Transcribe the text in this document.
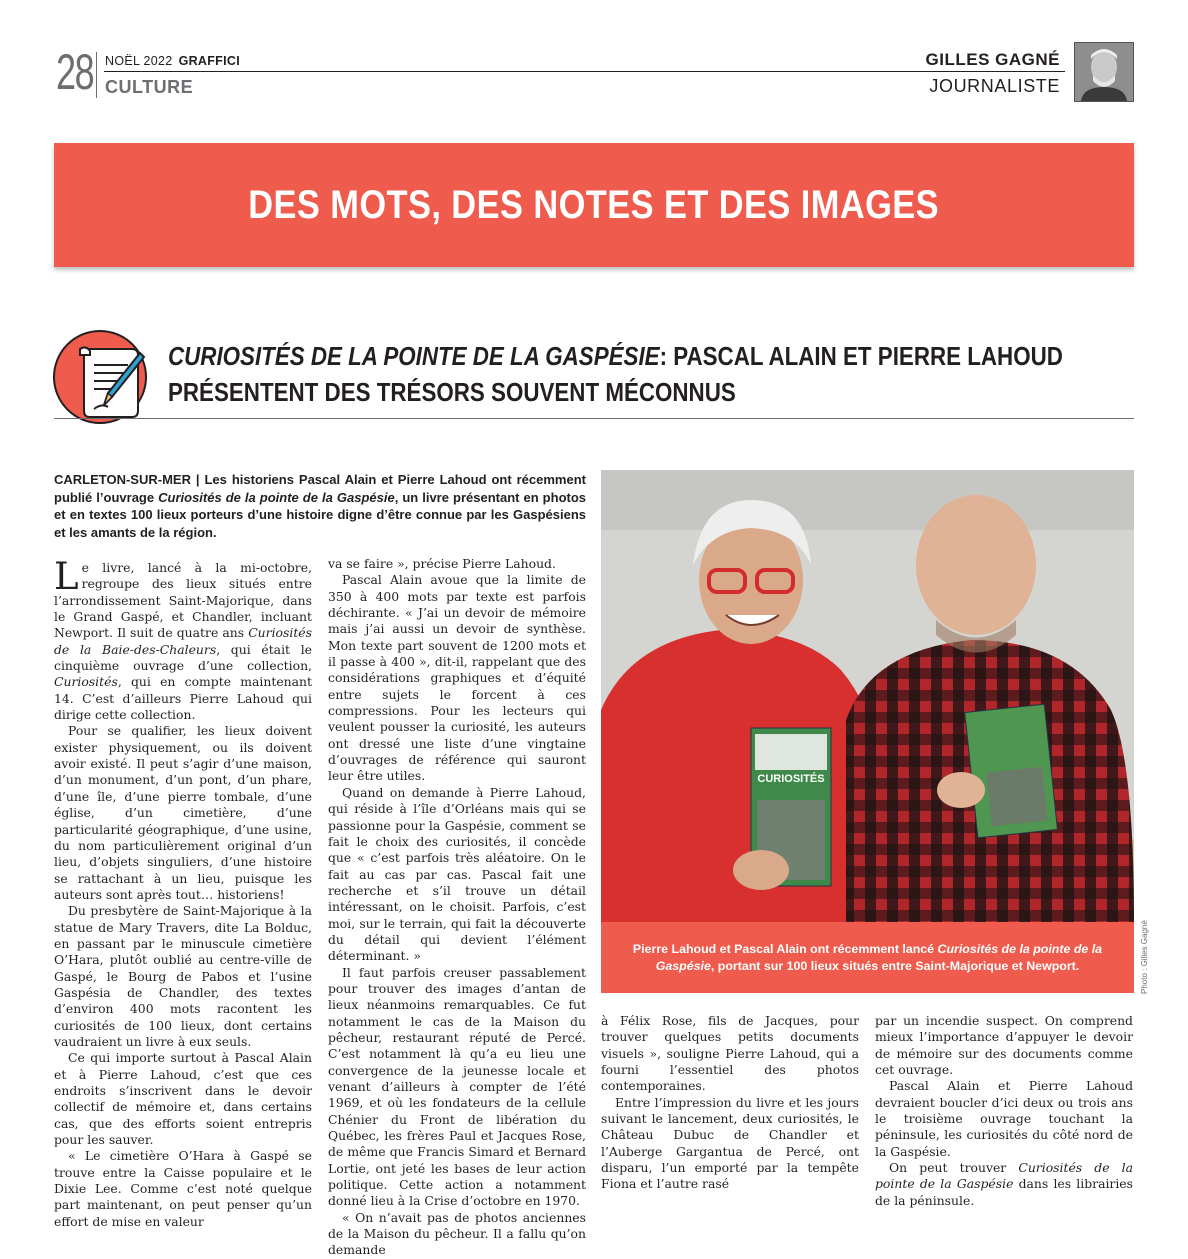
28 NOËL 2022 GRAFFICI
CULTURE
GILLES GAGNÉ
JOURNALISTE
DES MOTS, DES NOTES ET DES IMAGES
CURIOSITÉS DE LA POINTE DE LA GASPÉSIE: PASCAL ALAIN ET PIERRE LAHOUD
PRÉSENTENT DES TRÉSORS SOUVENT MÉCONNUS
CARLETON-SUR-MER | Les historiens Pascal Alain et Pierre Lahoud ont récemment publié l’ouvrage Curiosités de la pointe de la Gaspésie, un livre présentant en photos et en textes 100 lieux porteurs d’une histoire digne d’être connue par les Gaspésiens et les amants de la région.

Le livre, lancé à la mi-octobre, regroupe des lieux situés entre l’arrondissement Saint-Majorique, dans le Grand Gaspé, et Chandler, incluant Newport. Il suit de quatre ans Curiosités de la Baie-des-Chaleurs, qui était le cinquième ouvrage d’une collection, Curiosités, qui en compte maintenant 14. C’est d’ailleurs Pierre Lahoud qui dirige cette collection.

Pour se qualifier, les lieux doivent exister physiquement, ou ils doivent avoir existé. Il peut s’agir d’une maison, d’un monument, d’un pont, d’un phare, d’une île, d’une pierre tombale, d’une église, d’un cimetière, d’une particularité géographique, d’une usine, du nom particulièrement original d’un lieu, d’objets singuliers, d’une histoire se rattachant à un lieu, puisque les auteurs sont après tout… historiens!

Du presbytère de Saint-Majorique à la statue de Mary Travers, dite La Bolduc, en passant par le minuscule cimetière O’Hara, plutôt oublié au centre-ville de Gaspé, le Bourg de Pabos et l’usine Gaspésia de Chandler, des textes d’environ 400 mots racontent les curiosités de 100 lieux, dont certains vaudraient un livre à eux seuls.

Ce qui importe surtout à Pascal Alain et à Pierre Lahoud, c’est que ces endroits s’inscrivent dans le devoir collectif de mémoire et, dans certains cas, que des efforts soient entrepris pour les sauver.

« Le cimetière O’Hara à Gaspé se trouve entre la Caisse populaire et le Dixie Lee. Comme c’est noté quelque part maintenant, on peut penser qu’un effort de mise en valeur

va se faire », précise Pierre Lahoud.

Pascal Alain avoue que la limite de 350 à 400 mots par texte est parfois déchirante. « J’ai un devoir de mémoire mais j’ai aussi un devoir de synthèse. Mon texte part souvent de 1200 mots et il passe à 400 », dit-il, rappelant que des considérations graphiques et d’équité entre sujets le forcent à ces compressions. Pour les lecteurs qui veulent pousser la curiosité, les auteurs ont dressé une liste d’une vingtaine d’ouvrages de référence qui sauront leur être utiles.

Quand on demande à Pierre Lahoud, qui réside à l’île d’Orléans mais qui se passionne pour la Gaspésie, comment se fait le choix des curiosités, il concède que « c’est parfois très aléatoire. On le fait au cas par cas. Pascal fait une recherche et s’il trouve un détail intéressant, on le choisit. Parfois, c’est moi, sur le terrain, qui fait la découverte du détail qui devient l’élément déterminant. »

Il faut parfois creuser passablement pour trouver des images d’antan de lieux néanmoins remarquables. Ce fut notamment le cas de la Maison du pêcheur, restaurant réputé de Percé. C’est notamment là qu’a eu lieu une convergence de la jeunesse locale et venant d’ailleurs à compter de l’été 1969, et où les fondateurs de la cellule Chénier du Front de libération du Québec, les frères Paul et Jacques Rose, de même que Francis Simard et Bernard Lortie, ont jeté les bases de leur action politique. Cette action a notamment donné lieu à la Crise d’octobre en 1970.

« On n’avait pas de photos anciennes de la Maison du pêcheur. Il a fallu qu’on demande

CURIOSITÉS
Pierre Lahoud et Pascal Alain ont récemment lancé Curiosités de la pointe de la Gaspésie, portant sur 100 lieux situés entre Saint-Majorique et Newport.	Photo : Gilles Gagné

à Félix Rose, fils de Jacques, pour trouver quelques petits documents visuels », souligne Pierre Lahoud, qui a fourni l’essentiel des photos contemporaines.

Entre l’impression du livre et les jours suivant le lancement, deux curiosités, le Château Dubuc de Chandler et l’Auberge Gargantua de Percé, ont disparu, l’un emporté par la tempête Fiona et l’autre rasé

par un incendie suspect. On comprend mieux l’importance d’appuyer le devoir de mémoire sur des documents comme cet ouvrage.

Pascal Alain et Pierre Lahoud devraient boucler d’ici deux ou trois ans le troisième ouvrage touchant la péninsule, les curiosités du côté nord de la Gaspésie.

On peut trouver Curiosités de la pointe de la Gaspésie dans les librairies de la péninsule.
